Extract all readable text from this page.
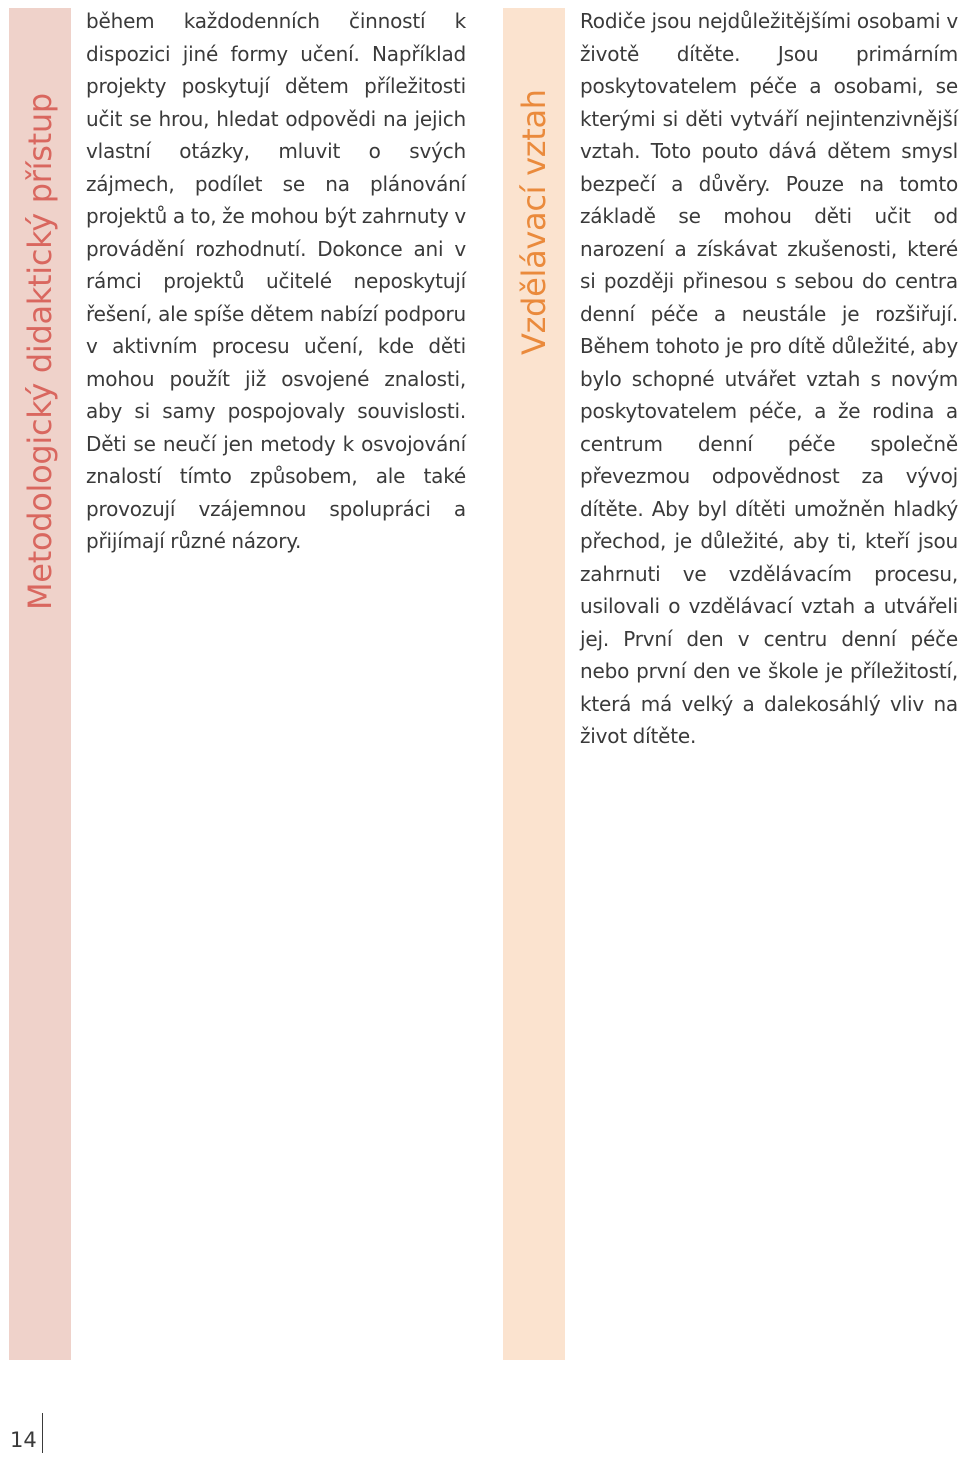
Metodologický didaktický přístup

během každodenních činností k dispozici jiné formy učení. Například projekty poskytují dětem příležitosti učit se hrou, hledat odpovědi na jejich vlastní otázky, mluvit o svých zájmech, podílet se na plánování projektů a to, že mohou být zahrnuty v provádění rozhodnutí. Dokonce ani v rámci projektů učitelé neposkytují řešení, ale spíše dětem nabízí podporu v aktivním procesu učení, kde děti mohou použít již osvojené znalosti, aby si samy pospojovaly souvislosti. Děti se neučí jen metody k osvojování znalostí tímto způsobem, ale také provozují vzájemnou spolupráci a přijímají různé názory.

Vzdělávací vztah

Rodiče jsou nejdůležitějšími osobami v životě dítěte. Jsou primárním poskytovatelem péče a osobami, se kterými si děti vytváří nejintenzivnější vztah. Toto pouto dává dětem smysl bezpečí a důvěry. Pouze na tomto základě se mohou děti učit od narození a získávat zkušenosti, které si později přinesou s sebou do centra denní péče a neustále je rozšiřují. Během tohoto je pro dítě důležité, aby bylo schopné utvářet vztah s novým poskytovatelem péče, a že rodina a centrum denní péče společně převezmou odpovědnost za vývoj dítěte. Aby byl dítěti umožněn hladký přechod, je důležité, aby ti, kteří jsou zahrnuti ve vzdělávacím procesu, usilovali o vzdělávací vztah a utvářeli jej. První den v centru denní péče nebo první den ve škole je příležitostí, která má velký a dalekosáhlý vliv na život dítěte.

14
